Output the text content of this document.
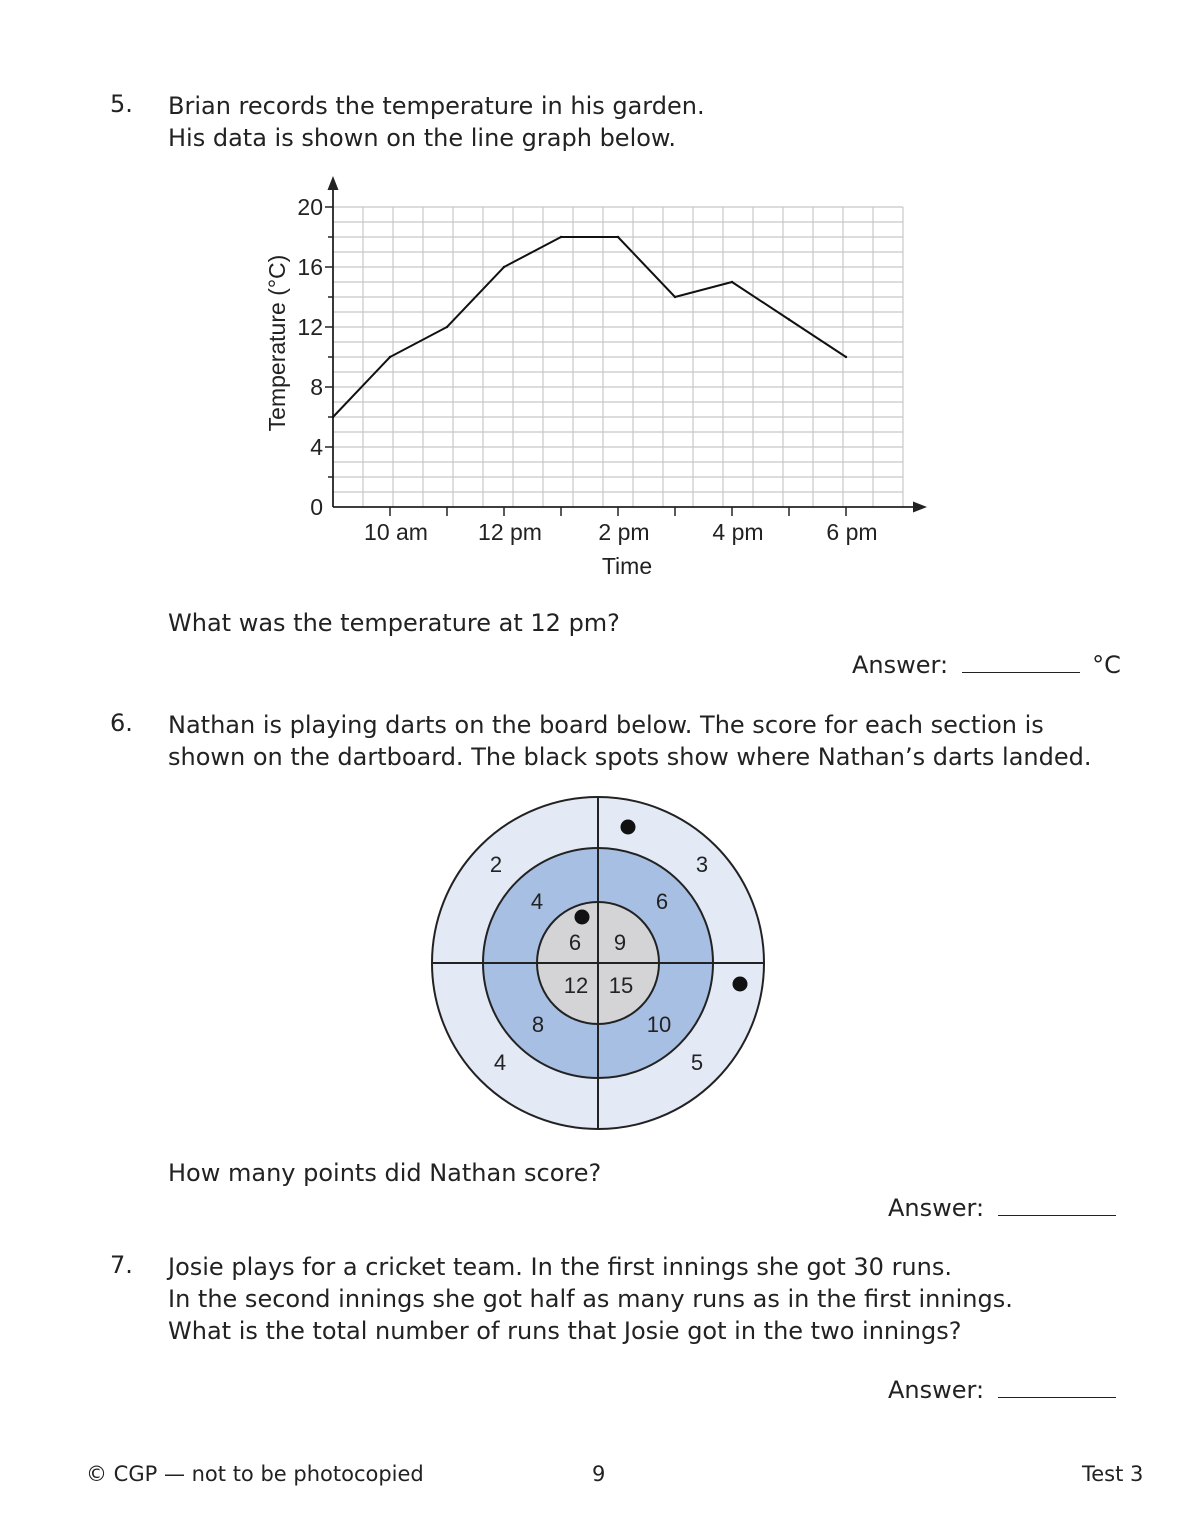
5. Brian records the temperature in his garden.
His data is shown on the line graph below.
0
4
8
12
16
20
10 am 12 pm 2 pm	4 pm	6 pm
Temperature (°C)
Time
What was the temperature at 12 pm?
Answer:	°C
6. Nathan is playing darts on the board below. The score for each section is
shown on the dartboard. The black spots show where Nathan’s darts landed.
2	3
4	5
4	6
8	10
6 9
12 15
How many points did Nathan score?
Answer:
7. Josie plays for a cricket team. In the first innings she got 30 runs.
In the second innings she got half as many runs as in the first innings.
What is the total number of runs that Josie got in the two innings?
Answer:
© CGP — not to be photocopied	9	Test 3
